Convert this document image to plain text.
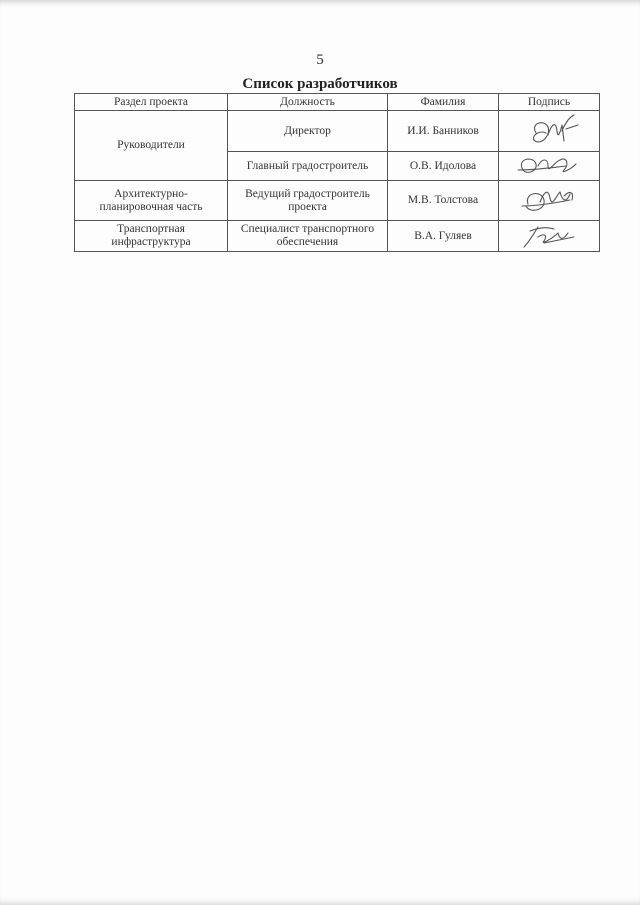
5
Список разработчиков
Раздел проекта	Должность	Фамилия	Подпись
Руководители	Директор	И.И. Банников	

	Главный градостроитель	О.В. Идолова	

Архитектурно-планировочная часть	Ведущий градостроитель проекта	М.В. Толстова	

Транспортная инфраструктура	Специалист транспортного обеспечения	В.А. Гуляев	
